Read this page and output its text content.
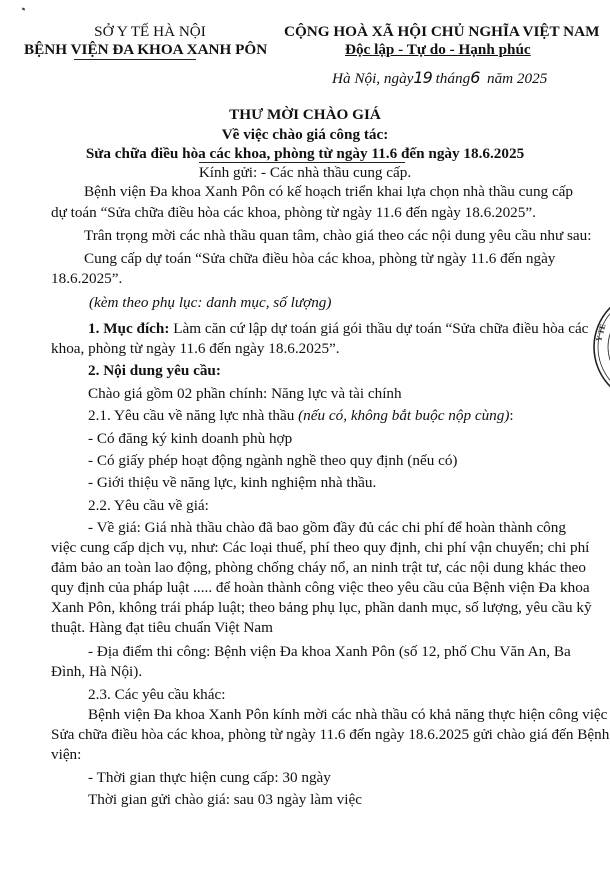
SỞ Y TẾ HÀ NỘI
BỆNH VIỆN ĐA KHOA XANH PÔN
CỘNG HOÀ XÃ HỘI CHỦ NGHĨA VIỆT NAM
Độc lập - Tự do - Hạnh phúc
Hà Nội, ngày19 tháng6 năm 2025
THƯ MỜI CHÀO GIÁ
Về việc chào giá công tác:
Sửa chữa điều hòa các khoa, phòng từ ngày 11.6 đến ngày 18.6.2025
Kính gửi: - Các nhà thầu cung cấp.
Bệnh viện Đa khoa Xanh Pôn có kế hoạch triển khai lựa chọn nhà thầu cung cấp
dự toán “Sửa chữa điều hòa các khoa, phòng từ ngày 11.6 đến ngày 18.6.2025”.
Trân trọng mời các nhà thầu quan tâm, chào giá theo các nội dung yêu cầu như sau:
Cung cấp dự toán “Sửa chữa điều hòa các khoa, phòng từ ngày 11.6 đến ngày
18.6.2025”.
(kèm theo phụ lục: danh mục, số lượng)
1. Mục đích: Làm căn cứ lập dự toán giá gói thầu dự toán “Sửa chữa điều hòa các
khoa, phòng từ ngày 11.6 đến ngày 18.6.2025”.
2. Nội dung yêu cầu:
Chào giá gồm 02 phần chính: Năng lực và tài chính
2.1. Yêu cầu về năng lực nhà thầu (nếu có, không bắt buộc nộp cùng):
- Có đăng ký kinh doanh phù hợp
- Có giấy phép hoạt động ngành nghề theo quy định (nếu có)
- Giới thiệu về năng lực, kinh nghiệm nhà thầu.
2.2. Yêu cầu về giá:
- Về giá: Giá nhà thầu chào đã bao gồm đầy đủ các chi phí để hoàn thành công
việc cung cấp dịch vụ, như: Các loại thuế, phí theo quy định, chi phí vận chuyển; chi phí
đảm bảo an toàn lao động, phòng chống cháy nổ, an ninh trật tư, các nội dung khác theo
quy định của pháp luật ..... để hoàn thành công việc theo yêu cầu của Bệnh viện Đa khoa
Xanh Pôn, không trái pháp luật; theo bảng phụ lục, phần danh mục, số lượng, yêu cầu kỹ
thuật. Hàng đạt tiêu chuẩn Việt Nam
- Địa điểm thi công: Bệnh viện Đa khoa Xanh Pôn (số 12, phố Chu Văn An, Ba
Đình, Hà Nội).
2.3. Các yêu cầu khác:
Bệnh viện Đa khoa Xanh Pôn kính mời các nhà thầu có khả năng thực hiện công việc
Sửa chữa điều hòa các khoa, phòng từ ngày 11.6 đến ngày 18.6.2025 gửi chào giá đến Bệnh
viện:
- Thời gian thực hiện cung cấp: 30 ngày
Thời gian gửi chào giá: sau 03 ngày làm việc
Y TẾ
